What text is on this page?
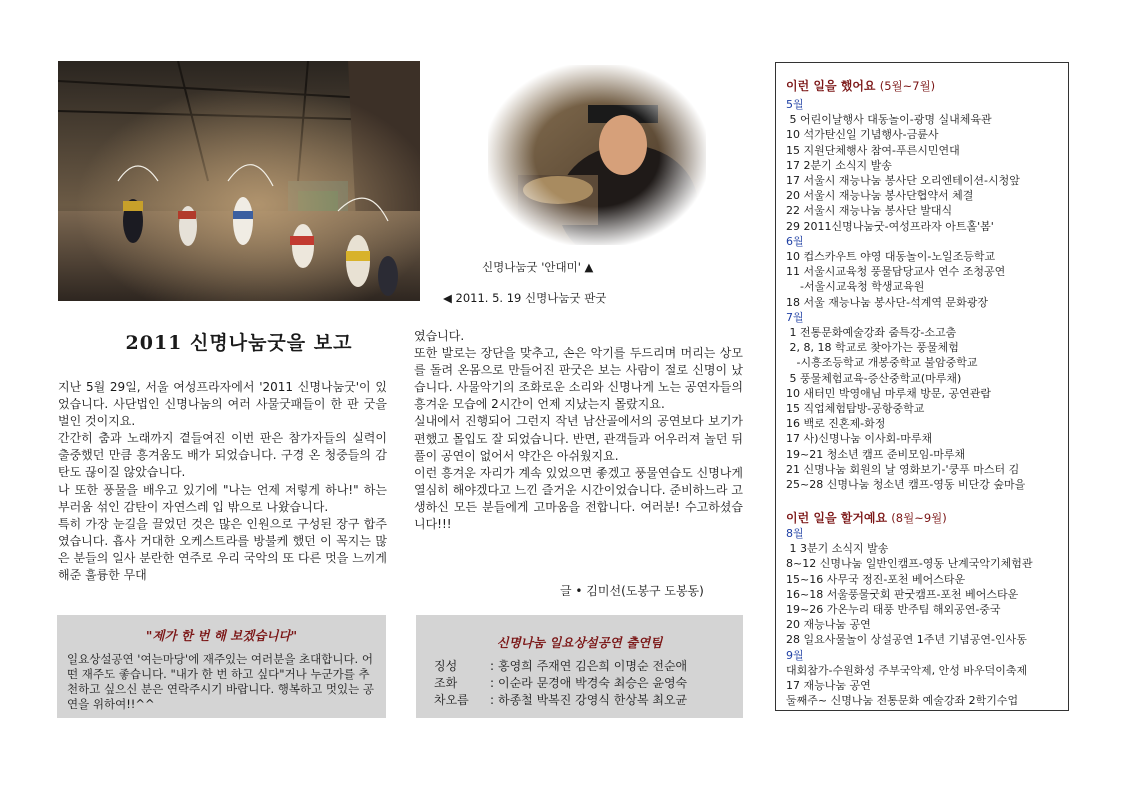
신명나눔굿 '안대미' ▲
◀ 2011. 5. 19 신명나눔굿 판굿
2011 신명나눔굿을 보고

지난 5월 29일, 서울 여성프라자에서 '2011 신명나눔굿'이 있었습니다. 사단법인 신명나눔의 여러 사물굿패들이 한 판 굿을 벌인 것이지요.

간간히 춤과 노래까지 곁들여진 이번 판은 참가자들의 실력이 출중했던 만큼 흥겨움도 배가 되었습니다. 구경 온 청중들의 감탄도 끊이질 않았습니다.

나 또한 풍물을 배우고 있기에 "나는 언제 저렇게 하나!" 하는 부러움 섞인 감탄이 자연스레 입 밖으로 나왔습니다.

특히 가장 눈길을 끌었던 것은 많은 인원으로 구성된 장구 합주였습니다. 흡사 거대한 오케스트라를 방불케 했던 이 꼭지는 많은 분들의 일사 분란한 연주로 우리 국악의 또 다른 멋을 느끼게 해준 훌륭한 무대

였습니다.

또한 발로는 장단을 맞추고, 손은 악기를 두드리며 머리는 상모를 돌려 온몸으로 만들어진 판굿은 보는 사람이 절로 신명이 났습니다. 사물악기의 조화로운 소리와 신명나게 노는 공연자들의 흥겨운 모습에 2시간이 언제 지났는지 몰랐지요.

실내에서 진행되어 그런지 작년 남산골에서의 공연보다 보기가 편했고 몰입도 잘 되었습니다. 반면, 관객들과 어우러져 놀던 뒤풀이 공연이 없어서 약간은 아쉬웠지요.

이런 흥겨운 자리가 계속 있었으면 좋겠고 풍물연습도 신명나게 열심히 해야겠다고 느낀 즐거운 시간이었습니다. 준비하느라 고생하신 모든 분들에게 고마움을 전합니다. 여러분! 수고하셨습니다!!!

글 • 김미선(도봉구 도봉동)
"제가 한 번 해 보겠습니다"

일요상설공연 '여는마당'에 재주있는 여러분을 초대합니다. 어떤 재주도 좋습니다. "내가 한 번 하고 싶다"거나 누군가를 추천하고 싶으신 분은 연락주시기 바랍니다. 행복하고 멋있는 공연을 위하여!!^^

신명나눔 일요상설공연 출연팀
징성	: 홍영희 주재연 김은희 이명순 전순애
조화	: 이순라 문경애 박경숙 최승은 윤영숙
차오름 : 하종철 박복진 강영식 한상복 최오균
이런 일을 했어요 (5월~7월)
5월
5 어린이날행사 대동놀이-광명 실내체육관
10 석가탄신일 기념행사-금륜사
15 지원단체행사 참여-푸른시민연대
17 2분기 소식지 발송
17 서울시 재능나눔 봉사단 오리엔테이션-시청앞
20 서울시 재능나눔 봉사단협약서 체결
22 서울시 재능나눔 봉사단 발대식
29 2011신명나눔굿-여성프라자 아트홀'봄'
6월
10 컵스카우트 야영 대동놀이-노일조등학교
11 서울시교육청 풍물담당교사 연수 조청공연
-서울시교육청 학생교육원
18 서울 재능나눔 봉사단-석계역 문화광장
7월
1 전통문화예술강좌 줌특강-소고춤
2, 8, 18 학교로 찾아가는 풍물체험
-시흥조등학교 개봉중학교 불암중학교
5 풍물체험교육-증산중학교(마루채)
10 새터민 박영애님 마루채 방문, 공연관람
15 직업체험탐방-공항중학교
16 백로 진혼제-화정
17 사)신명나눔 이사회-마루채
19~21 청소년 캠프 준비모임-마루채
21 신명나눔 회원의 날 영화보기-'쿵푸 마스터 김
25~28 신명나눔 청소년 캠프-영동 비단강 숲마을
이런 일을 할거예요 (8월~9월)
8월
1 3분기 소식지 발송
8~12 신명나눔 일반인캠프-영동 난계국악기체험관
15~16 사무국 정진-포천 베어스타운
16~18 서울풍물굿회 판굿캠프-포천 베어스타운
19~26 가온누리 태풍 반주팀 해외공연-중국
20 재능나눔 공연
28 일요사물놀이 상설공연 1주년 기념공연-인사동
9월
대회참가-수원화성 주부국악제, 안성 바우덕이축제
17 재능나눔 공연
둘째주~ 신명나눔 전통문화 예술강좌 2학기수업
